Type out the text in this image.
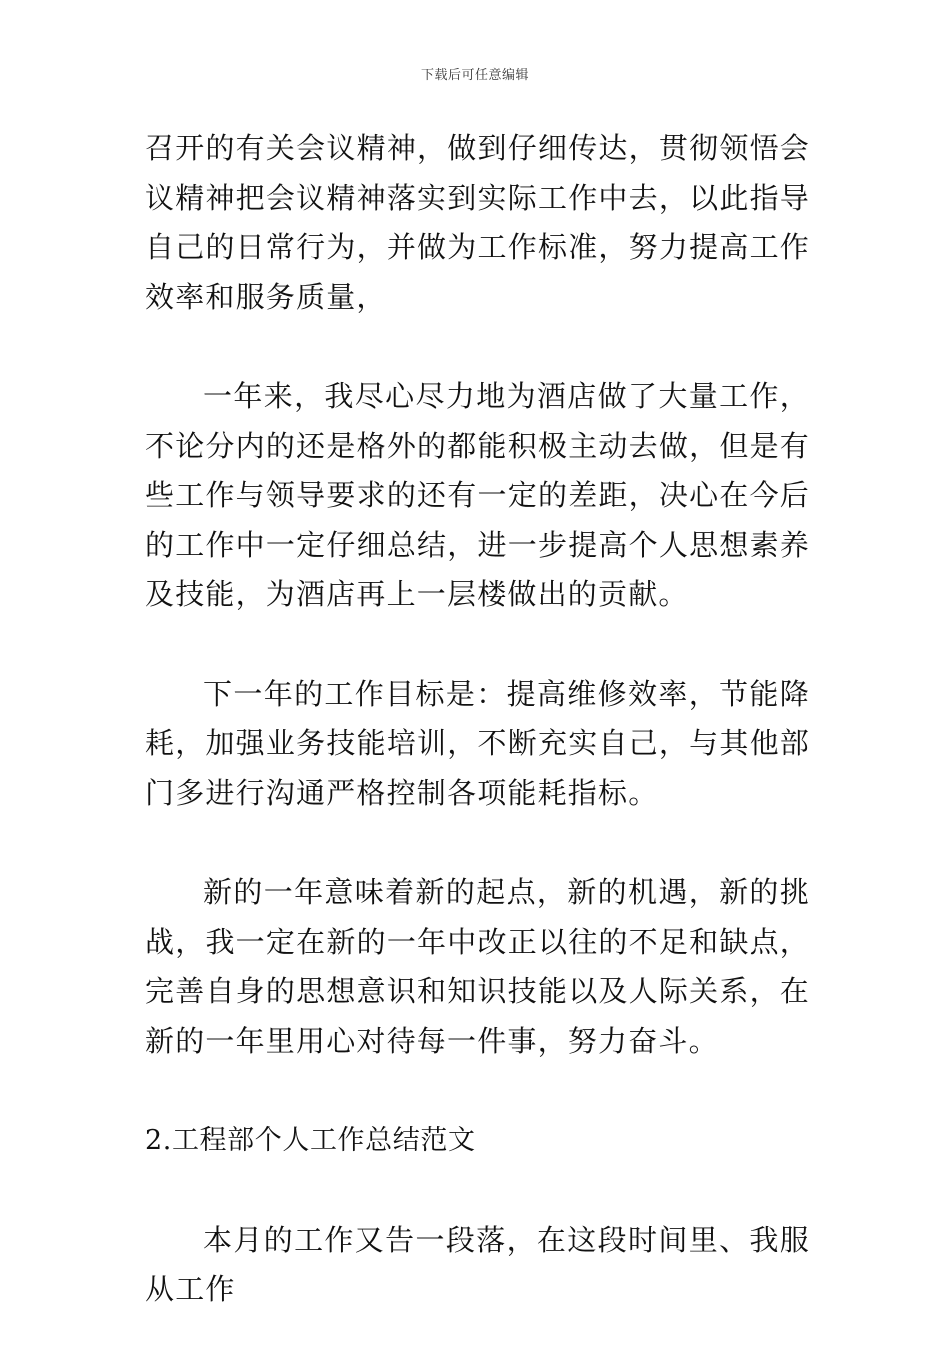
下载后可任意编辑

召开的有关会议精神，做到仔细传达，贯彻领悟会议精神把会议精神落实到实际工作中去，以此指导自己的日常行为，并做为工作标准，努力提高工作效率和服务质量，

一年来，我尽心尽力地为酒店做了大量工作，不论分内的还是格外的都能积极主动去做，但是有些工作与领导要求的还有一定的差距，决心在今后的工作中一定仔细总结，进一步提高个人思想素养及技能，为酒店再上一层楼做出的贡献。

下一年的工作目标是：提高维修效率，节能降耗，加强业务技能培训，不断充实自己，与其他部门多进行沟通严格控制各项能耗指标。

新的一年意味着新的起点，新的机遇，新的挑战，我一定在新的一年中改正以往的不足和缺点，完善自身的思想意识和知识技能以及人际关系，在新的一年里用心对待每一件事，努力奋斗。

2.工程部个人工作总结范文

本月的工作又告一段落，在这段时间里、我服从工作
